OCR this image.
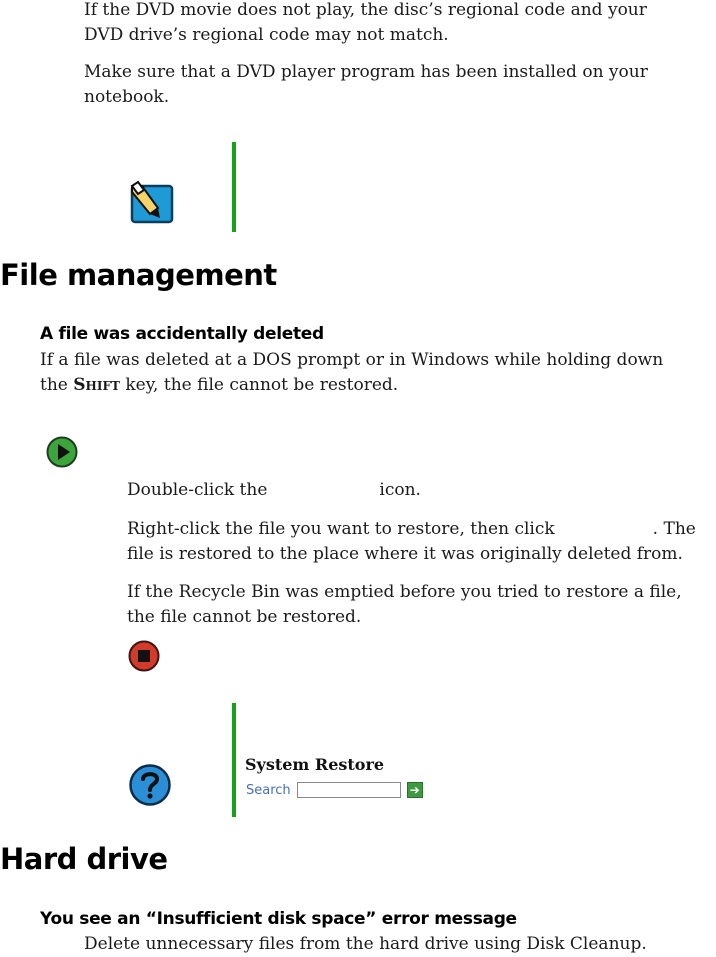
If the DVD movie does not play, the disc’s regional code and your
DVD drive’s regional code may not match.
Make sure that a DVD player program has been installed on your
notebook.
File management
A file was accidentally deleted
If a file was deleted at a DOS prompt or in Windows while holding down
the Shift key, the file cannot be restored.
Double-click the	icon.
Right-click the file you want to restore, then click	. The
file is restored to the place where it was originally deleted from.
If the Recycle Bin was emptied before you tried to restore a file,
the file cannot be restored.
System Restore
Search	➔
Hard drive
You see an “Insufficient disk space” error message
Delete unnecessary files from the hard drive using Disk Cleanup.
